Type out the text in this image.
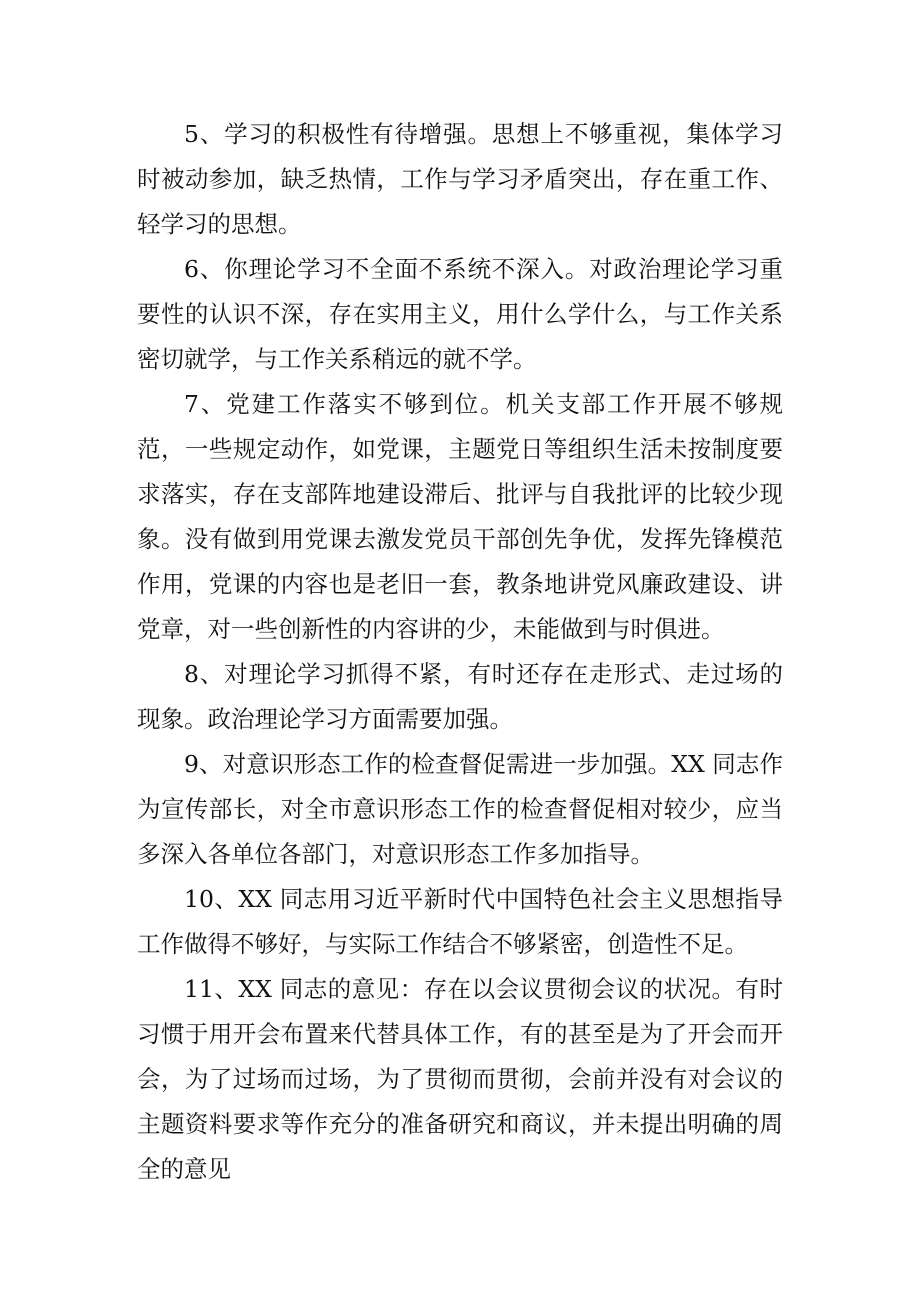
5、学习的积极性有待增强。思想上不够重视，集体学习时被动参加，缺乏热情，工作与学习矛盾突出，存在重工作、轻学习的思想。

6、你理论学习不全面不系统不深入。对政治理论学习重要性的认识不深，存在实用主义，用什么学什么，与工作关系密切就学，与工作关系稍远的就不学。

7、党建工作落实不够到位。机关支部工作开展不够规范，一些规定动作，如党课，主题党日等组织生活未按制度要求落实，存在支部阵地建设滞后、批评与自我批评的比较少现象。没有做到用党课去激发党员干部创先争优，发挥先锋模范作用，党课的内容也是老旧一套，教条地讲党风廉政建设、讲党章，对一些创新性的内容讲的少，未能做到与时俱进。

8、对理论学习抓得不紧，有时还存在走形式、走过场的现象。政治理论学习方面需要加强。

9、对意识形态工作的检查督促需进一步加强。XX 同志作为宣传部长，对全市意识形态工作的检查督促相对较少，应当多深入各单位各部门，对意识形态工作多加指导。

10、XX 同志用习近平新时代中国特色社会主义思想指导工作做得不够好，与实际工作结合不够紧密，创造性不足。

11、XX 同志的意见：存在以会议贯彻会议的状况。有时习惯于用开会布置来代替具体工作，有的甚至是为了开会而开会，为了过场而过场，为了贯彻而贯彻，会前并没有对会议的主题资料要求等作充分的准备研究和商议，并未提出明确的周全的意见
